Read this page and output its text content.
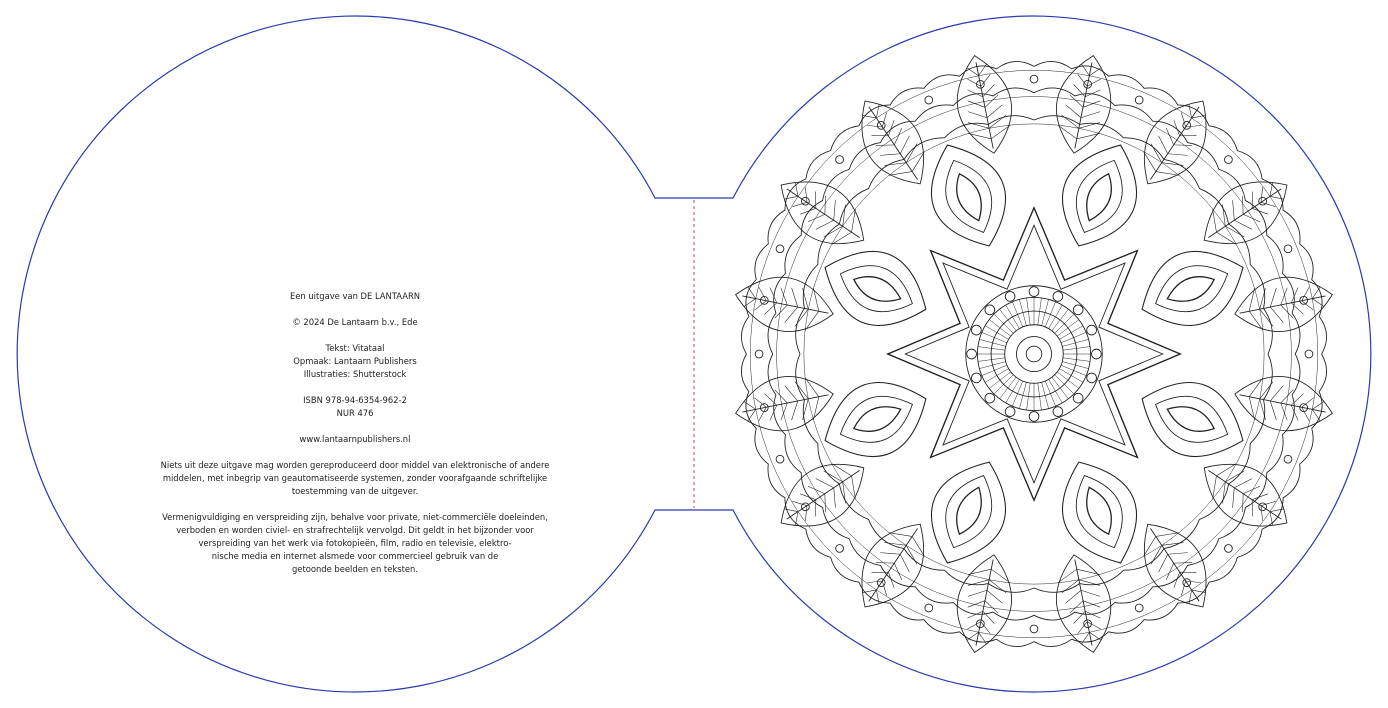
Een uitgave van DE LANTAARN

© 2024 De Lantaarn b.v., Ede

Tekst: Vitataal
Opmaak: Lantaarn Publishers
Illustraties: Shutterstock

ISBN 978-94-6354-962-2
NUR 476

www.lantaarnpublishers.nl

Niets uit deze uitgave mag worden gereproduceerd door middel van elektronische of andere
middelen, met inbegrip van geautomatiseerde systemen, zonder voorafgaande schriftelijke
toestemming van de uitgever.

Vermenigvuldiging en verspreiding zijn, behalve voor private, niet-commerciële doeleinden,
verboden en worden civiel- en strafrechtelijk vervolgd. Dit geldt in het bijzonder voor
verspreiding van het werk via fotokopieën, film, radio en televisie, elektro-
nische media en internet alsmede voor commercieel gebruik van de
getoonde beelden en teksten.
